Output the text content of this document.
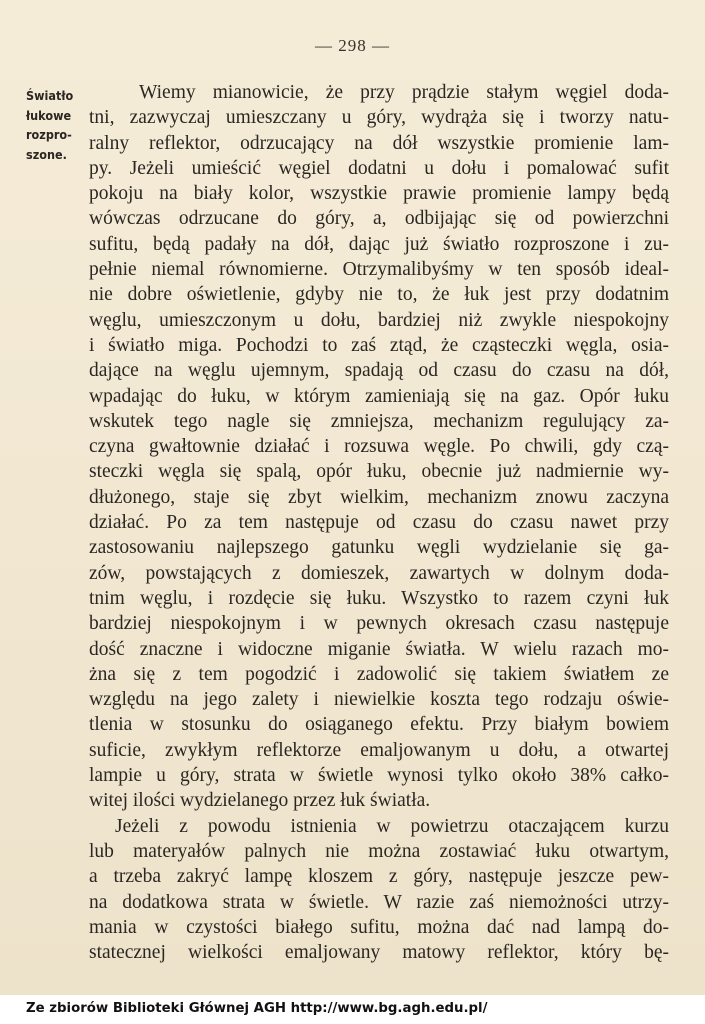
— 298 —
Światło
łukowe
rozpro-
szone.
Wiemy mianowicie, że przy prądzie stałym węgiel doda-
tni, zazwyczaj umieszczany u góry, wydrąża się i tworzy natu-
ralny reflektor, odrzucający na dół wszystkie promienie lam-
py. Jeżeli umieścić węgiel dodatni u dołu i pomalować sufit
pokoju na biały kolor, wszystkie prawie promienie lampy będą
wówczas odrzucane do góry, a, odbijając się od powierzchni
sufitu, będą padały na dół, dając już światło rozproszone i zu-
pełnie niemal równomierne. Otrzymalibyśmy w ten sposób ideal-
nie dobre oświetlenie, gdyby nie to, że łuk jest przy dodatnim
węglu, umieszczonym u dołu, bardziej niż zwykle niespokojny
i światło miga. Pochodzi to zaś ztąd, że cząsteczki węgla, osia-
dające na węglu ujemnym, spadają od czasu do czasu na dół,
wpadając do łuku, w którym zamieniają się na gaz. Opór łuku
wskutek tego nagle się zmniejsza, mechanizm regulujący za-
czyna gwałtownie działać i rozsuwa węgle. Po chwili, gdy czą-
steczki węgla się spalą, opór łuku, obecnie już nadmiernie wy-
dłużonego, staje się zbyt wielkim, mechanizm znowu zaczyna
działać. Po za tem następuje od czasu do czasu nawet przy
zastosowaniu najlepszego gatunku węgli wydzielanie się ga-
zów, powstających z domieszek, zawartych w dolnym doda-
tnim węglu, i rozdęcie się łuku. Wszystko to razem czyni łuk
bardziej niespokojnym i w pewnych okresach czasu następuje
dość znaczne i widoczne miganie światła. W wielu razach mo-
żna się z tem pogodzić i zadowolić się takiem światłem ze
względu na jego zalety i niewielkie koszta tego rodzaju oświe-
tlenia w stosunku do osiąganego efektu. Przy białym bowiem
suficie, zwykłym reflektorze emaljowanym u dołu, a otwartej
lampie u góry, strata w świetle wynosi tylko około 38% całko-
witej ilości wydzielanego przez łuk światła.
Jeżeli z powodu istnienia w powietrzu otaczającem kurzu
lub materyałów palnych nie można zostawiać łuku otwartym,
a trzeba zakryć lampę kloszem z góry, następuje jeszcze pew-
na dodatkowa strata w świetle. W razie zaś niemożności utrzy-
mania w czystości białego sufitu, można dać nad lampą do-
statecznej wielkości emaljowany matowy reflektor, który bę-
Ze zbiorów Biblioteki Głównej AGH http://www.bg.agh.edu.pl/
